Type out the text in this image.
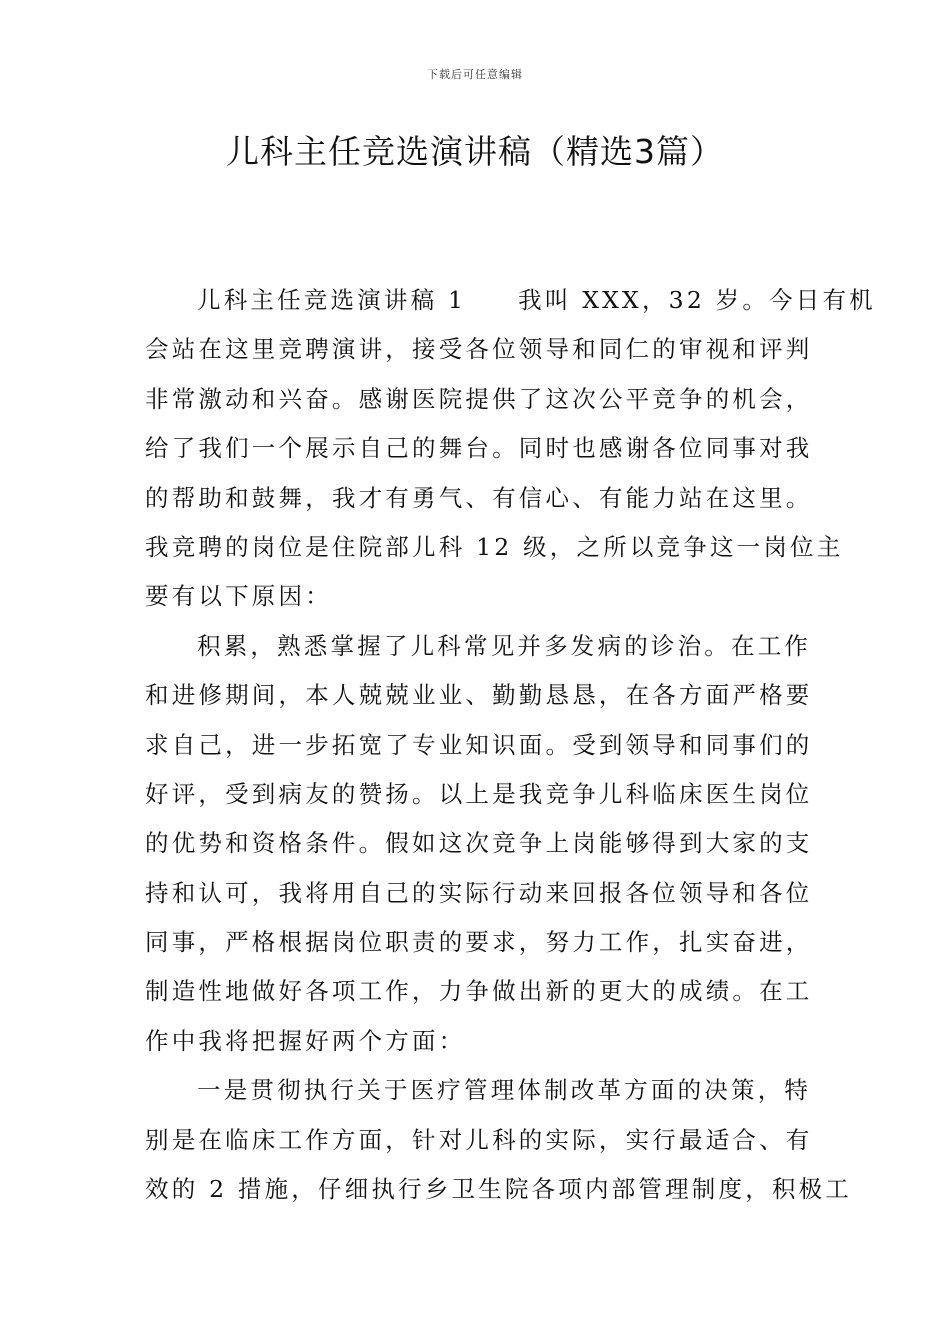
下载后可任意编辑
儿科主任竞选演讲稿（精选3篇）
儿科主任竞选演讲稿 1 我叫 XXX，32 岁。今日有机
会站在这里竞聘演讲，接受各位领导和同仁的审视和评判
非常激动和兴奋。感谢医院提供了这次公平竞争的机会，
给了我们一个展示自己的舞台。同时也感谢各位同事对我
的帮助和鼓舞，我才有勇气、有信心、有能力站在这里。
我竞聘的岗位是住院部儿科 12 级，之所以竞争这一岗位主
要有以下原因：
积累，熟悉掌握了儿科常见并多发病的诊治。在工作
和进修期间，本人兢兢业业、勤勤恳恳，在各方面严格要
求自己，进一步拓宽了专业知识面。受到领导和同事们的
好评，受到病友的赞扬。以上是我竞争儿科临床医生岗位
的优势和资格条件。假如这次竞争上岗能够得到大家的支
持和认可，我将用自己的实际行动来回报各位领导和各位
同事，严格根据岗位职责的要求，努力工作，扎实奋进，
制造性地做好各项工作，力争做出新的更大的成绩。在工
作中我将把握好两个方面：
一是贯彻执行关于医疗管理体制改革方面的决策，特
别是在临床工作方面，针对儿科的实际，实行最适合、有
效的 2 措施，仔细执行乡卫生院各项内部管理制度，积极工
